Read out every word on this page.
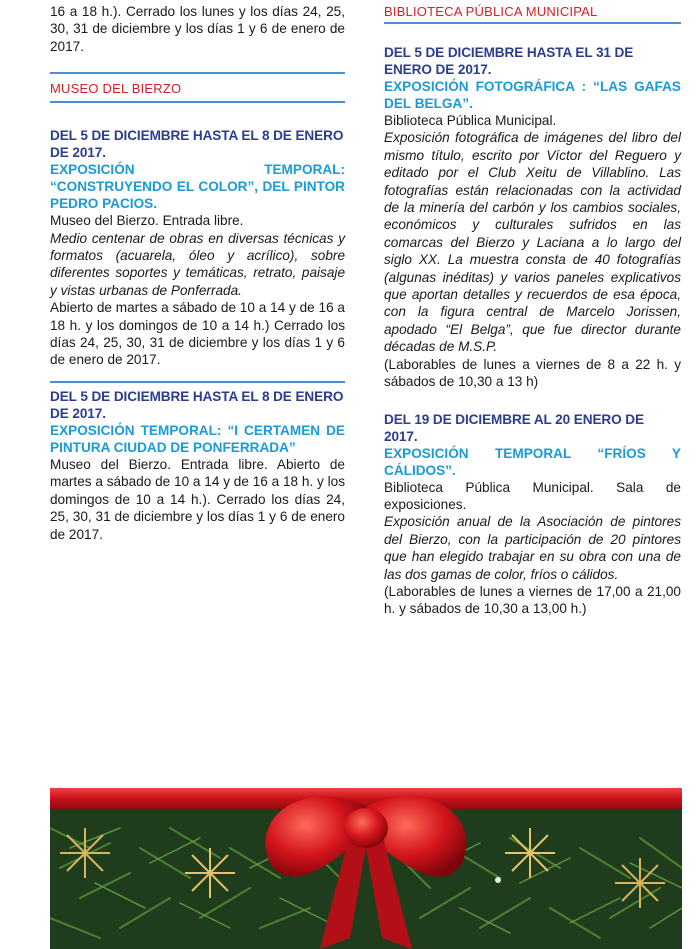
16 a 18 h.). Cerrado los lunes y los días 24, 25, 30, 31 de diciembre y los días 1 y 6 de enero de 2017.

MUSEO DEL BIERZO
DEL 5 DE DICIEMBRE HASTA EL 8 DE ENERO DE 2017.
EXPOSICIÓN TEMPORAL: “CONSTRUYENDO EL COLOR”, DEL PINTOR PEDRO PACIOS.

Museo del Bierzo. Entrada libre.

Medio centenar de obras en diversas técnicas y formatos (acuarela, óleo y acrílico), sobre diferentes soportes y temáticas, retrato, paisaje y vistas urbanas de Ponferrada.

Abierto de martes a sábado de 10 a 14 y de 16 a 18 h. y los domingos de 10 a 14 h.) Cerrado los días 24, 25, 30, 31 de diciembre y los días 1 y 6 de enero de 2017.

DEL 5 DE DICIEMBRE HASTA EL 8 DE ENERO DE 2017.
EXPOSICIÓN TEMPORAL: “I CERTAMEN DE PINTURA CIUDAD DE PONFERRADA”

Museo del Bierzo. Entrada libre. Abierto de martes a sábado de 10 a 14 y de 16 a 18 h. y los domingos de 10 a 14 h.). Cerrado los días 24, 25, 30, 31 de diciembre y los días 1 y 6 de enero de 2017.

BIBLIOTECA PÚBLICA MUNICIPAL
DEL 5 DE DICIEMBRE HASTA EL 31 DE ENERO DE 2017.
EXPOSICIÓN FOTOGRÁFICA : “LAS GAFAS DEL BELGA”.

Biblioteca Pública Municipal.

Exposición fotográfica de imágenes del libro del mismo título, escrito por Víctor del Reguero y editado por el Club Xeitu de Villablino. Las fotografías están relacionadas con la actividad de la minería del carbón y los cambios sociales, económicos y culturales sufridos en las comarcas del Bierzo y Laciana a lo largo del siglo XX. La muestra consta de 40 fotografías (algunas inéditas) y varios paneles explicativos que aportan detalles y recuerdos de esa época, con la figura central de Marcelo Jorissen, apodado “El Belga”, que fue director durante décadas de M.S.P.

(Laborables de lunes a viernes de 8 a 22 h. y sábados de 10,30 a 13 h)

DEL 19 DE DICIEMBRE AL 20 ENERO DE 2017.
EXPOSICIÓN TEMPORAL “FRÍOS Y CÁLIDOS”.

Biblioteca Pública Municipal. Sala de exposiciones.

Exposición anual de la Asociación de pintores del Bierzo, con la participación de 20 pintores que han elegido trabajar en su obra con una de las dos gamas de color, fríos o cálidos.

(Laborables de lunes a viernes de 17,00 a 21,00 h. y sábados de 10,30 a 13,00 h.)
